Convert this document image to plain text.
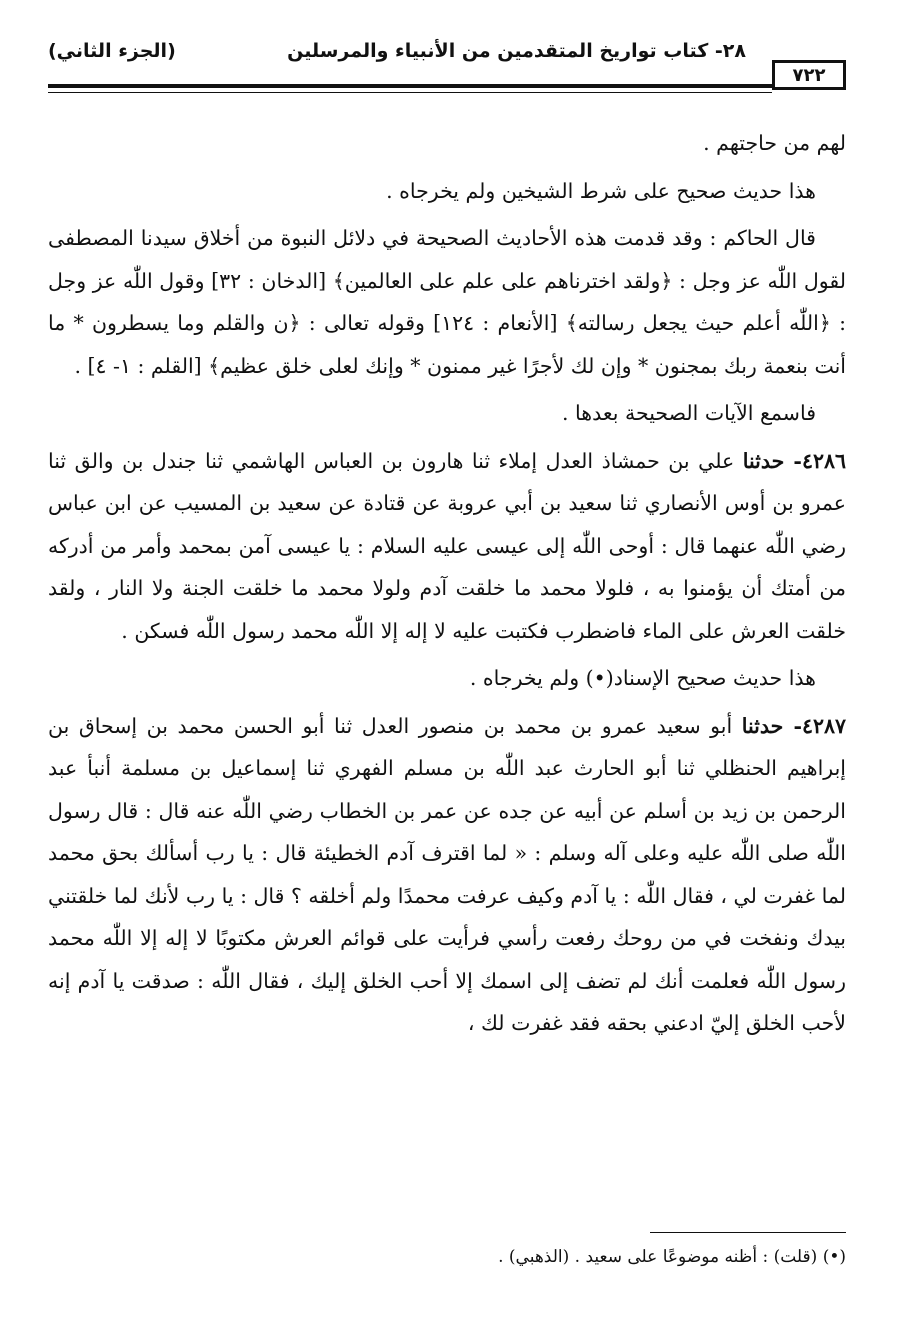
٧٢٢
٢٨- كتاب تواريخ المتقدمين من الأنبياء والمرسلين
(الجزء الثاني)

لهم من حاجتهم .

هذا حديث صحيح على شرط الشيخين ولم يخرجاه .

قال الحاكم : وقد قدمت هذه الأحاديث الصحيحة في دلائل النبوة من أخلاق سيدنا المصطفى لقول اللّٰه عز وجل : ﴿ولقد اخترناهم على علم على العالمين﴾ [الدخان : ٣٢] وقول اللّٰه عز وجل : ﴿اللّٰه أعلم حيث يجعل رسالته﴾ [الأنعام : ١٢٤] وقوله تعالى : ﴿ن والقلم وما يسطرون * ما أنت بنعمة ربك بمجنون * وإن لك لأجرًا غير ممنون * وإنك لعلى خلق عظيم﴾ [القلم : ١- ٤] .

فاسمع الآيات الصحيحة بعدها .

٤٢٨٦- حدثنا علي بن حمشاذ العدل إملاء ثنا هارون بن العباس الهاشمي ثنا جندل بن والق ثنا عمرو بن أوس الأنصاري ثنا سعيد بن أبي عروبة عن قتادة عن سعيد بن المسيب عن ابن عباس رضي اللّٰه عنهما قال : أوحى اللّٰه إلى عيسى عليه السلام : يا عيسى آمن بمحمد وأمر من أدركه من أمتك أن يؤمنوا به ، فلولا محمد ما خلقت آدم ولولا محمد ما خلقت الجنة ولا النار ، ولقد خلقت العرش على الماء فاضطرب فكتبت عليه لا إله إلا اللّٰه محمد رسول اللّٰه فسكن .

هذا حديث صحيح الإسناد(•) ولم يخرجاه .

٤٢٨٧- حدثنا أبو سعيد عمرو بن محمد بن منصور العدل ثنا أبو الحسن محمد بن إسحاق بن إبراهيم الحنظلي ثنا أبو الحارث عبد اللّٰه بن مسلم الفهري ثنا إسماعيل بن مسلمة أنبأ عبد الرحمن بن زيد بن أسلم عن أبيه عن جده عن عمر بن الخطاب رضي اللّٰه عنه قال : قال رسول اللّٰه صلى اللّٰه عليه وعلى آله وسلم : « لما اقترف آدم الخطيئة قال : يا رب أسألك بحق محمد لما غفرت لي ، فقال اللّٰه : يا آدم وكيف عرفت محمدًا ولم أخلقه ؟ قال : يا رب لأنك لما خلقتني بيدك ونفخت في من روحك رفعت رأسي فرأيت على قوائم العرش مكتوبًا لا إله إلا اللّٰه محمد رسول اللّٰه فعلمت أنك لم تضف إلى اسمك إلا أحب الخلق إليك ، فقال اللّٰه : صدقت يا آدم إنه لأحب الخلق إليّ ادعني بحقه فقد غفرت لك ،

(•) (قلت) : أظنه موضوعًا على سعيد . (الذهبي) .
